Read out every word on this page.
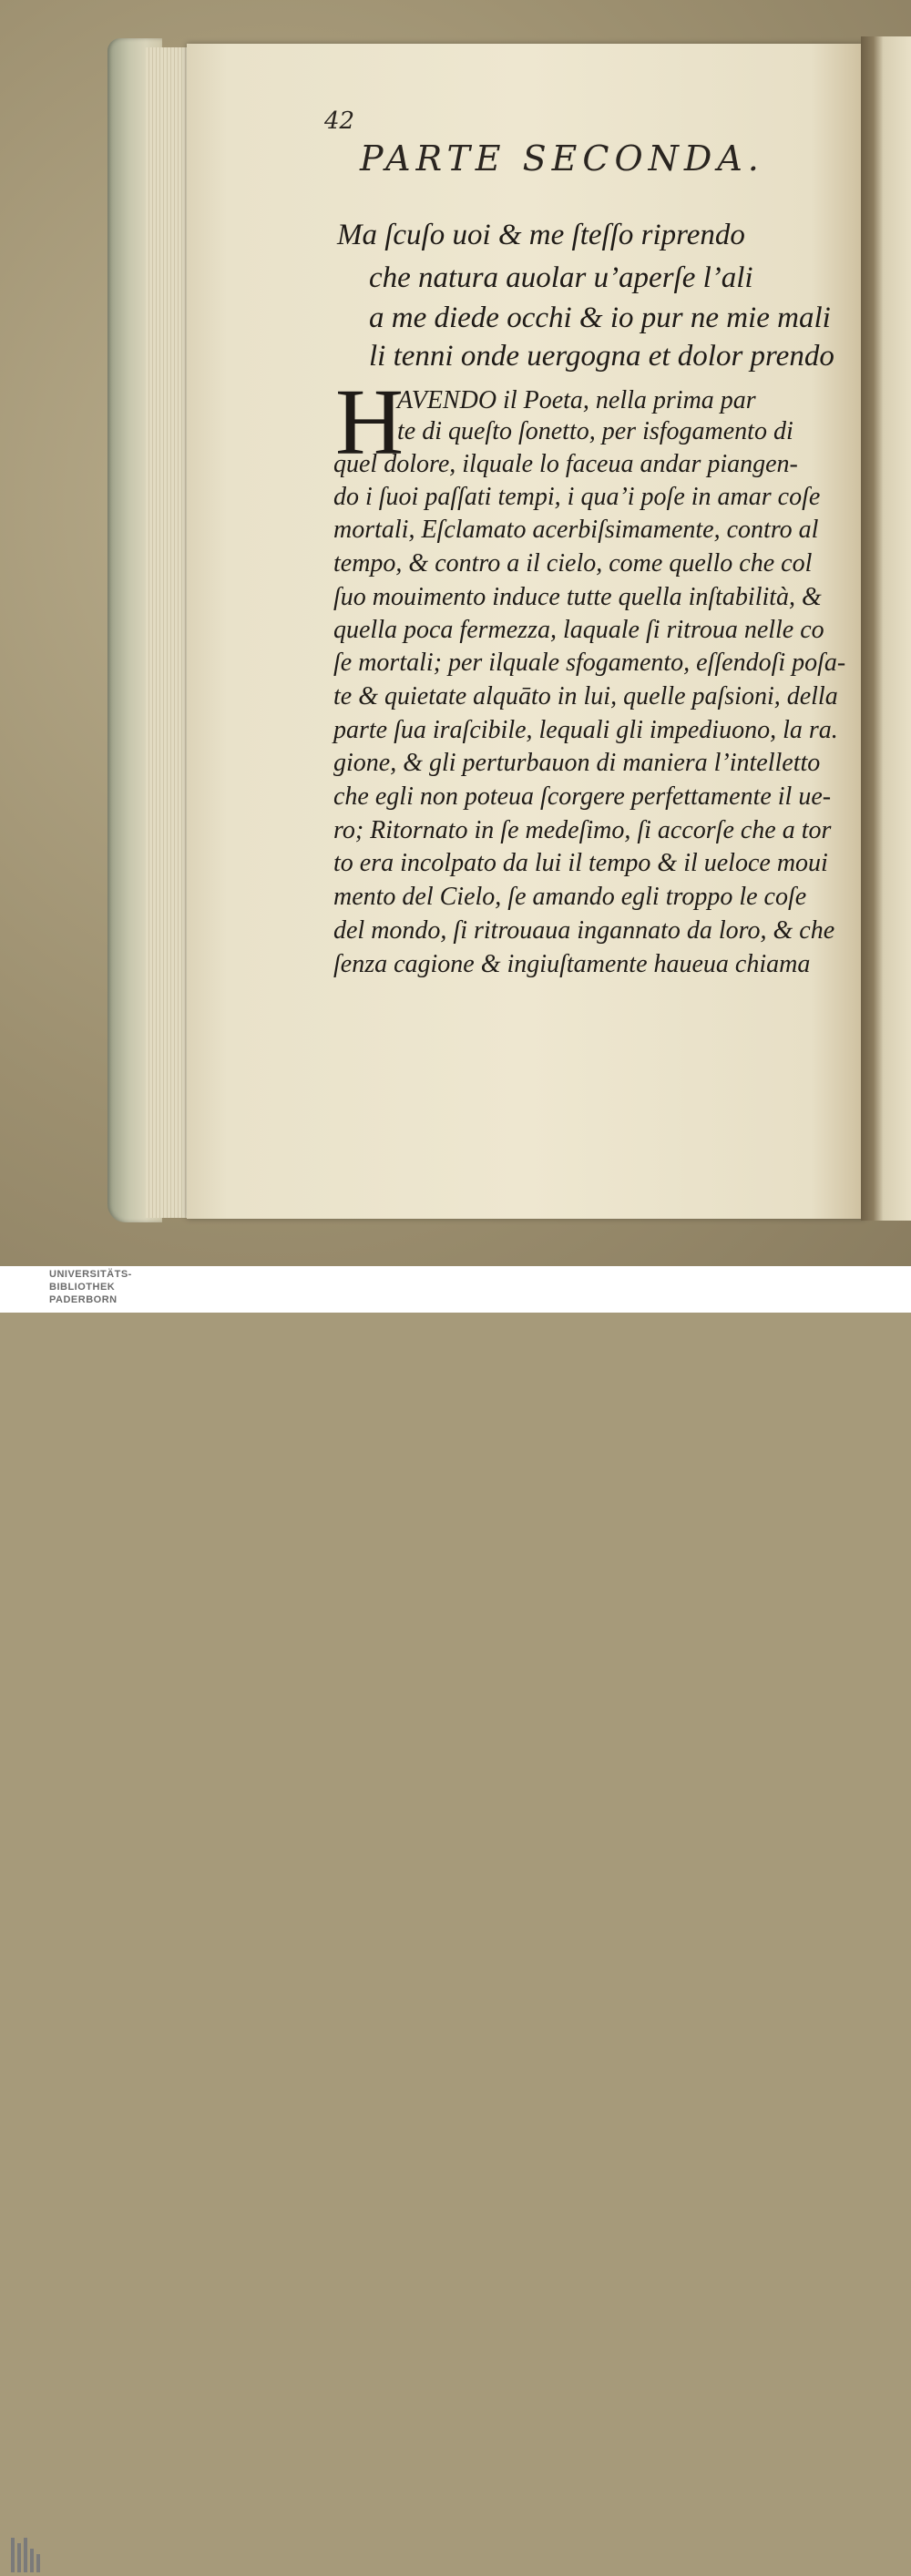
42
PARTE SECONDA.
Ma ſcuſo uoi & me ſteſſo riprendo
che natura auolar u’aperſe l’ali
a me diede occhi & io pur ne mie mali
li tenni onde uergogna et dolor prendo
H
AVENDO il Poeta, nella prima par
te di queſto ſonetto, per isfogamento di
quel dolore, ilquale lo faceua andar piangen-
do i ſuoi paſſati tempi, i qua’i poſe in amar coſe
mortali, Eſclamato acerbiſsimamente, contro al
tempo, & contro a il cielo, come quello che col
ſuo mouimento induce tutte quella inſtabilità, &
quella poca fermezza, laquale ſi ritroua nelle co
ſe mortali; per ilquale sfogamento, eſſendoſi poſa-
te & quietate alquāto in lui, quelle paſsioni, della
parte ſua iraſcibile, lequali gli impediuono, la ra.
gione, & gli perturbauon di maniera l’intelletto
che egli non poteua ſcorgere perfettamente il ue-
ro; Ritornato in ſe medeſimo, ſi accorſe che a tor
to era incolpato da lui il tempo & il ueloce moui
mento del Cielo, ſe amando egli troppo le coſe
del mondo, ſi ritrouaua ingannato da loro, & che
ſenza cagione & ingiuſtamente haueua chiama
UNIVERSITÄTS-
BIBLIOTHEK
PADERBORN
